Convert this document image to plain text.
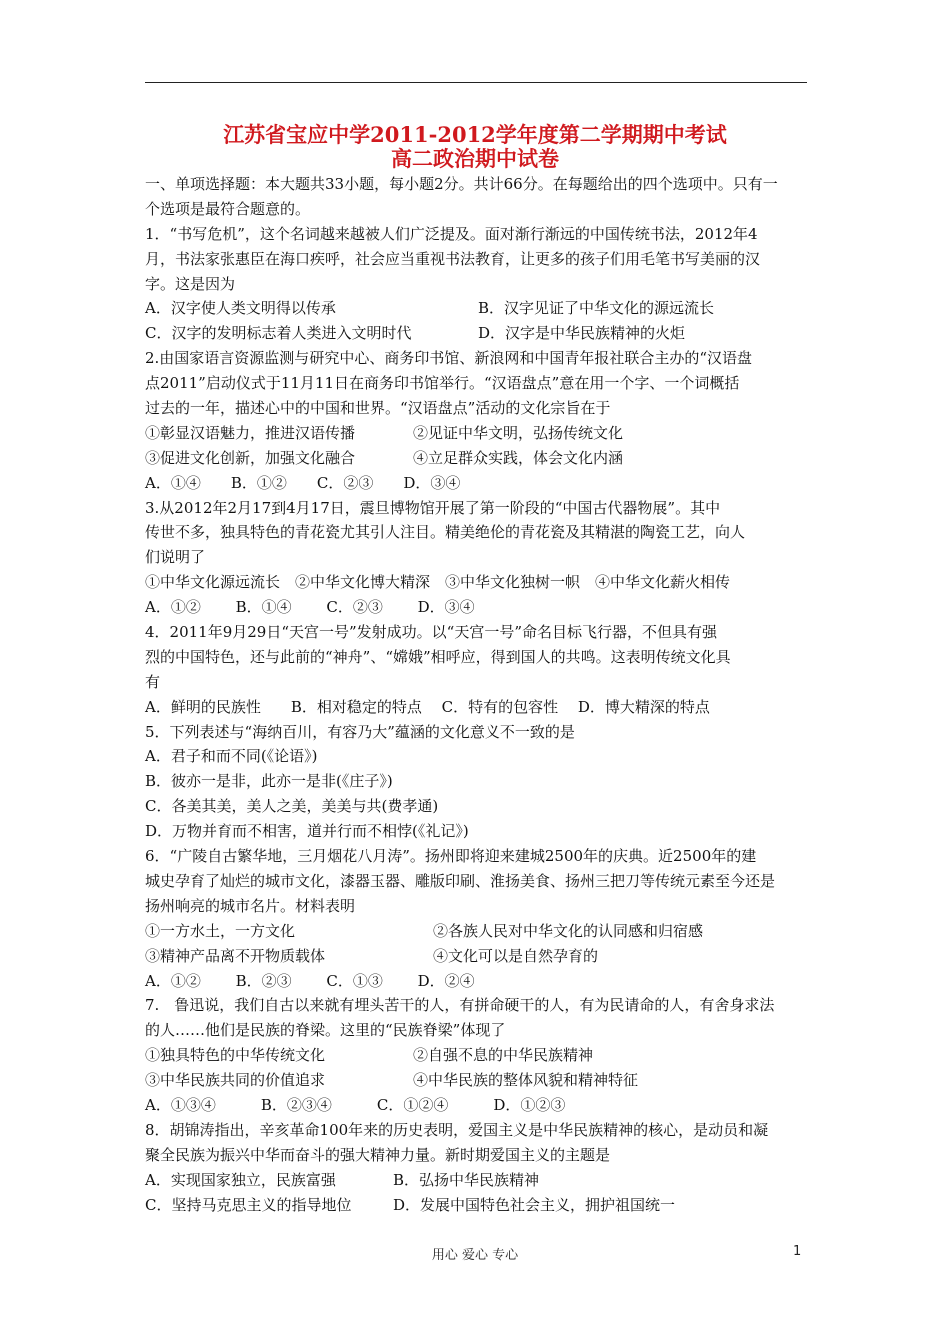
江苏省宝应中学2011-2012学年度第二学期期中考试
高二政治期中试卷
一、单项选择题：本大题共33小题，每小题2分。共计66分。在每题给出的四个选项中。只有一
个选项是最符合题意的。
1．“书写危机”，这个名词越来越被人们广泛提及。面对渐行渐远的中国传统书法，2012年4
月，书法家张惠臣在海口疾呼，社会应当重视书法教育，让更多的孩子们用毛笔书写美丽的汉
字。这是因为
A．汉字使人类文明得以传承	B．汉字见证了中华文化的源远流长
C．汉字的发明标志着人类进入文明时代	D．汉字是中华民族精神的火炬
2.由国家语言资源监测与研究中心、商务印书馆、新浪网和中国青年报社联合主办的“汉语盘
点2011”启动仪式于11月11日在商务印书馆举行。“汉语盘点”意在用一个字、一个词概括
过去的一年，描述心中的中国和世界。“汉语盘点”活动的文化宗旨在于
①彰显汉语魅力，推进汉语传播	②见证中华文明，弘扬传统文化
③促进文化创新，加强文化融合	④立足群众实践，体会文化内涵
A．①④　　B．①②　　C．②③　　D．③④
3.从2012年2月17到4月17日，震旦博物馆开展了第一阶段的“中国古代器物展”。其中
传世不多，独具特色的青花瓷尤其引人注目。精美绝伦的青花瓷及其精湛的陶瓷工艺，向人
们说明了
①中华文化源远流长　②中华文化博大精深　③中华文化独树一帜　④中华文化薪火相传
A．①②　　 B．①④　　 C．②③　　 D．③④
4．2011年9月29日“天宫一号”发射成功。以“天宫一号”命名目标飞行器，不但具有强
烈的中国特色，还与此前的“神舟”、“嫦娥”相呼应，得到国人的共鸣。这表明传统文化具
有
A．鲜明的民族性　　B．相对稳定的特点　 C．特有的包容性　 D．博大精深的特点
5．下列表述与“海纳百川，有容乃大”蕴涵的文化意义不一致的是
A．君子和而不同(《论语》)
B．彼亦一是非，此亦一是非(《庄子》)
C．各美其美，美人之美，美美与共(费孝通)
D．万物并育而不相害，道并行而不相悖(《礼记》)
6．“广陵自古繁华地，三月烟花八月涛”。扬州即将迎来建城2500年的庆典。近2500年的建
城史孕育了灿烂的城市文化，漆器玉器、雕版印刷、淮扬美食、扬州三把刀等传统元素至今还是
扬州响亮的城市名片。材料表明
①一方水土，一方文化	②各族人民对中华文化的认同感和归宿感
③精神产品离不开物质载体	④文化可以是自然孕育的
A．①②　　 B．②③　　 C．①③　　 D．②④
7.　鲁迅说，我们自古以来就有埋头苦干的人，有拼命硬干的人，有为民请命的人，有舍身求法
的人……他们是民族的脊梁。这里的“民族脊梁”体现了
①独具特色的中华传统文化	②自强不息的中华民族精神
③中华民族共同的价值追求	④中华民族的整体风貌和精神特征
A．①③④　　　B．②③④　　　C．①②④　　　D．①②③
8．胡锦涛指出，辛亥革命100年来的历史表明，爱国主义是中华民族精神的核心，是动员和凝
聚全民族为振兴中华而奋斗的强大精神力量。新时期爱国主义的主题是
A．实现国家独立，民族富强	B．弘扬中华民族精神
C．坚持马克思主义的指导地位	D．发展中国特色社会主义，拥护祖国统一
用心 爱心 专心	1
